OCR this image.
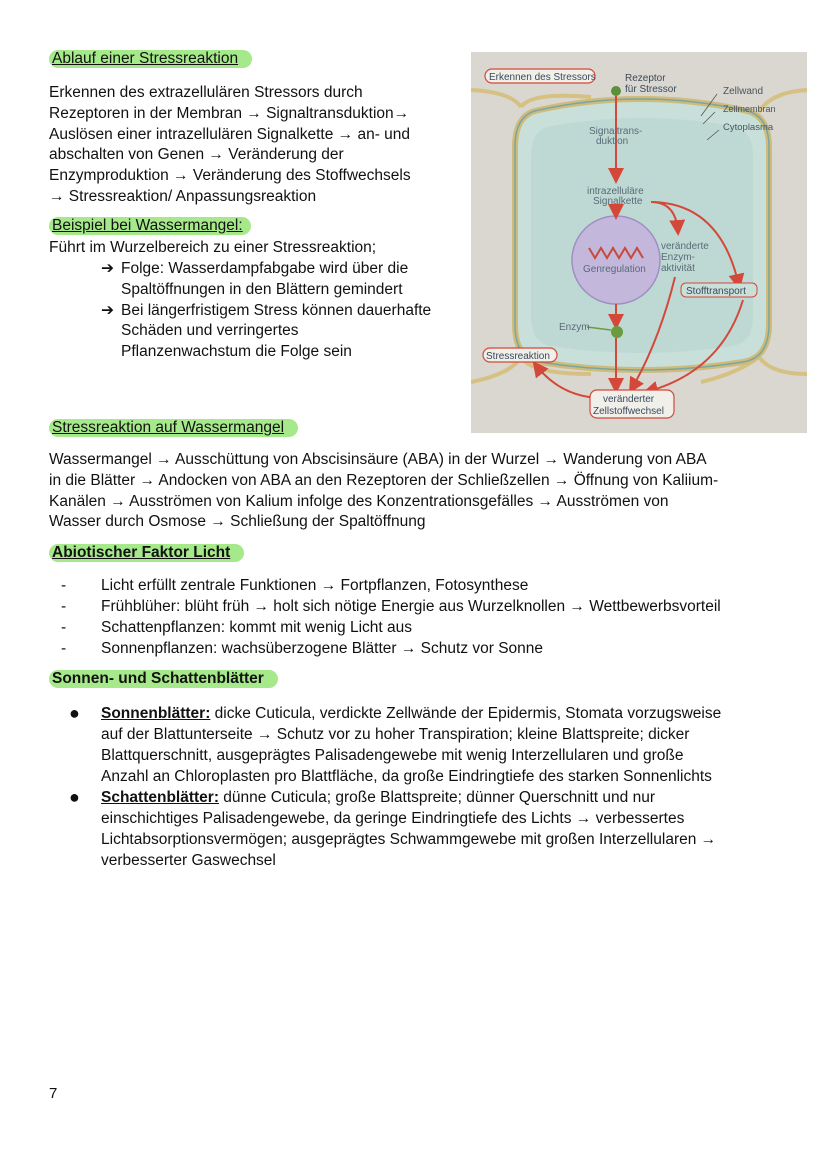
Ablauf einer Stressreaktion
Erkennen des extrazellulären Stressors durch
Rezeptoren in der Membran → Signaltransduktion→
Auslösen einer intrazellulären Signalkette → an- und
abschalten von Genen → Veränderung der
Enzymproduktion → Veränderung des Stoffwechsels
→ Stressreaktion/ Anpassungsreaktion
Beispiel bei Wassermangel:
Führt im Wurzelbereich zu einer Stressreaktion;
➔ Folge: Wasserdampfabgabe wird über die
Spaltöffnungen in den Blättern gemindert
➔ Bei längerfristigem Stress können dauerhafte
Schäden und verringertes
Pflanzenwachstum die Folge sein
Erkennen des Stressors	Rezeptor
für Stressor	Zellwand
Zellmembran
Cytoplasma
Signaltrans-
duktion
intrazelluläre
Signalkette
Genregulation
veränderte
Enzym-
aktivität
Stofftransport
Enzym
Stressreaktion
veränderter
Zellstoffwechsel
Stressreaktion auf Wassermangel
Wassermangel → Ausschüttung von Abscisinsäure (ABA) in der Wurzel → Wanderung von ABA
in die Blätter → Andocken von ABA an den Rezeptoren der Schließzellen → Öffnung von Kaliium-
Kanälen → Ausströmen von Kalium infolge des Konzentrationsgefälles → Ausströmen von
Wasser durch Osmose → Schließung der Spaltöffnung
Abiotischer Faktor Licht
- Licht erfüllt zentrale Funktionen → Fortpflanzen, Fotosynthese
- Frühblüher: blüht früh → holt sich nötige Energie aus Wurzelknollen → Wettbewerbsvorteil
- Schattenpflanzen: kommt mit wenig Licht aus
- Sonnenpflanzen: wachsüberzogene Blätter → Schutz vor Sonne
Sonnen- und Schattenblätter
● Sonnenblätter: dicke Cuticula, verdickte Zellwände der Epidermis, Stomata vorzugsweise
auf der Blattunterseite → Schutz vor zu hoher Transpiration; kleine Blattspreite; dicker
Blattquerschnitt, ausgeprägtes Palisadengewebe mit wenig Interzellularen und große
Anzahl an Chloroplasten pro Blattfläche, da große Eindringtiefe des starken Sonnenlichts
● Schattenblätter: dünne Cuticula; große Blattspreite; dünner Querschnitt und nur
einschichtiges Palisadengewebe, da geringe Eindringtiefe des Lichts → verbessertes
Lichtabsorptionsvermögen; ausgeprägtes Schwammgewebe mit großen Interzellularen →
verbesserter Gaswechsel
7
